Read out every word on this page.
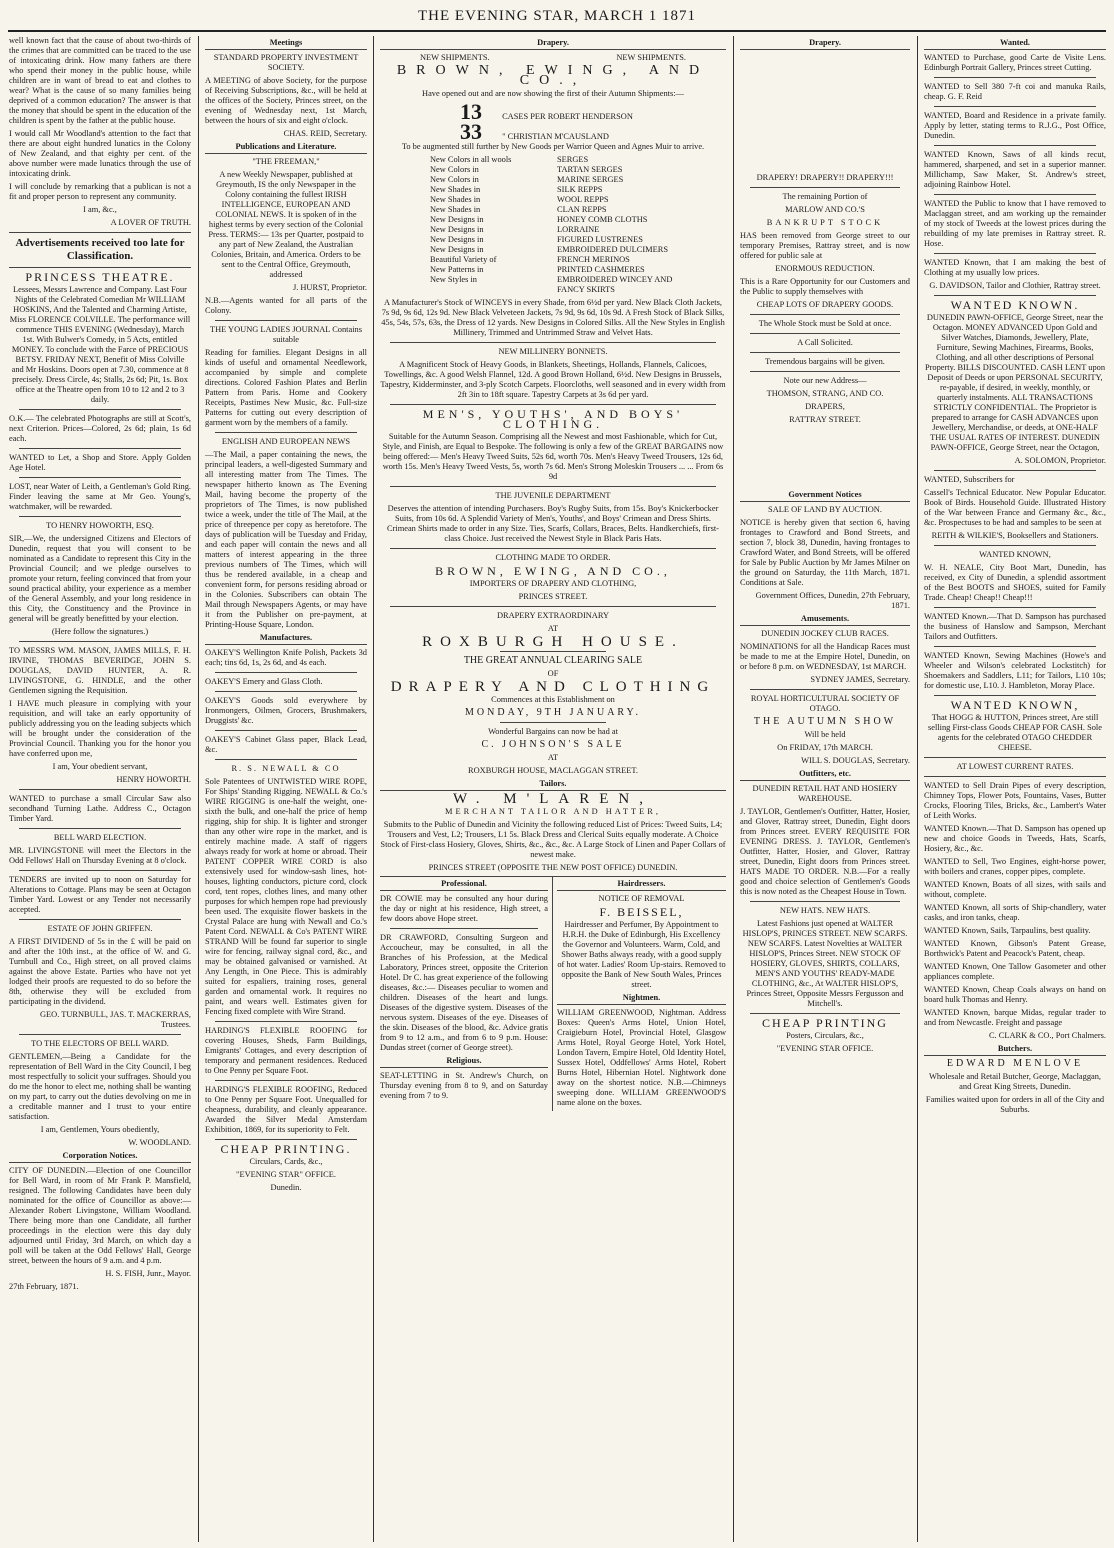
THE EVENING STAR, MARCH 1 1871

well known fact that the cause of about two-thirds of the crimes that are committed can be traced to the use of intoxicating drink. How many fathers are there who spend their money in the public house, while children are in want of bread to eat and clothes to wear? What is the cause of so many families being deprived of a common education? The answer is that the money that should be spent in the education of the children is spent by the father at the public house.

I would call Mr Woodland's attention to the fact that there are about eight hundred lunatics in the Colony of New Zealand, and that eighty per cent. of the above number were made lunatics through the use of intoxicating drink.

I will conclude by remarking that a publican is not a fit and proper person to represent any community.

I am, &c.,

A LOVER OF TRUTH.

Advertisements received too late for Classification.

PRINCESS THEATRE.

Lessees, Messrs Lawrence and Company. Last Four Nights of the Celebrated Comedian Mr WILLIAM HOSKINS, And the Talented and Charming Artiste, Miss FLORENCE COLVILLE. The performance will commence THIS EVENING (Wednesday), March 1st. With Bulwer's Comedy, in 5 Acts, entitled MONEY. To conclude with the Farce of PRECIOUS BETSY. FRIDAY NEXT, Benefit of Miss Colville and Mr Hoskins. Doors open at 7.30, commence at 8 precisely. Dress Circle, 4s; Stalls, 2s 6d; Pit, 1s. Box office at the Theatre open from 10 to 12 and 2 to 3 daily.

O.K.— The celebrated Photographs are still at Scott's, next Criterion. Prices—Colored, 2s 6d; plain, 1s 6d each.

WANTED to Let, a Shop and Store. Apply Golden Age Hotel.

LOST, near Water of Leith, a Gentleman's Gold Ring. Finder leaving the same at Mr Geo. Young's, watchmaker, will be rewarded.

TO HENRY HOWORTH, ESQ.

SIR,—We, the undersigned Citizens and Electors of Dunedin, request that you will consent to be nominated as a Candidate to represent this City in the Provincial Council; and we pledge ourselves to promote your return, feeling convinced that from your sound practical ability, your experience as a member of the General Assembly, and your long residence in this City, the Constituency and the Province in general will be greatly benefitted by your election.

(Here follow the signatures.)

TO MESSRS WM. MASON, JAMES MILLS, F. H. IRVINE, THOMAS BEVERIDGE, JOHN S. DOUGLAS, DAVID HUNTER, A. R. LIVINGSTONE, G. HINDLE, and the other Gentlemen signing the Requisition.

I HAVE much pleasure in complying with your requisition, and will take an early opportunity of publicly addressing you on the leading subjects which will be brought under the consideration of the Provincial Council. Thanking you for the honor you have conferred upon me,

I am, Your obedient servant,

HENRY HOWORTH.

WANTED to purchase a small Circular Saw also secondhand Turning Lathe. Address C., Octagon Timber Yard.

BELL WARD ELECTION.

MR. LIVINGSTONE will meet the Electors in the Odd Fellows' Hall on Thursday Evening at 8 o'clock.

TENDERS are invited up to noon on Saturday for Alterations to Cottage. Plans may be seen at Octagon Timber Yard. Lowest or any Tender not necessarily accepted.

ESTATE OF JOHN GRIFFEN.

A FIRST DIVIDEND of 5s in the £ will be paid on and after the 10th inst., at the office of W. and G. Turnbull and Co., High street, on all proved claims against the above Estate. Parties who have not yet lodged their proofs are requested to do so before the 8th, otherwise they will be excluded from participating in the dividend.

GEO. TURNBULL, JAS. T. MACKERRAS, Trustees.

TO THE ELECTORS OF BELL WARD.

GENTLEMEN,—Being a Candidate for the representation of Bell Ward in the City Council, I beg most respectfully to solicit your suffrages. Should you do me the honor to elect me, nothing shall be wanting on my part, to carry out the duties devolving on me in a creditable manner and I trust to your entire satisfaction.

I am, Gentlemen, Yours obediently,

W. WOODLAND.

Corporation Notices.

CITY OF DUNEDIN.—Election of one Councillor for Bell Ward, in room of Mr Frank P. Mansfield, resigned. The following Candidates have been duly nominated for the office of Councillor as above:— Alexander Robert Livingstone, William Woodland. There being more than one Candidate, all further proceedings in the election were this day duly adjourned until Friday, 3rd March, on which day a poll will be taken at the Odd Fellows' Hall, George street, between the hours of 9 a.m. and 4 p.m.

H. S. FISH, Junr., Mayor.

27th February, 1871.

Meetings

STANDARD PROPERTY INVESTMENT SOCIETY.

A MEETING of above Society, for the purpose of Receiving Subscriptions, &c., will be held at the offices of the Society, Princes street, on the evening of Wednesday next, 1st March, between the hours of six and eight o'clock.

CHAS. REID, Secretary.

Publications and Literature.

"THE FREEMAN,"

A new Weekly Newspaper, published at Greymouth, IS the only Newspaper in the Colony containing the fullest IRISH INTELLIGENCE, EUROPEAN AND COLONIAL NEWS. It is spoken of in the highest terms by every section of the Colonial Press. TERMS:— 13s per Quarter, postpaid to any part of New Zealand, the Australian Colonies, Britain, and America. Orders to be sent to the Central Office, Greymouth, addressed

J. HURST, Proprietor.

N.B.—Agents wanted for all parts of the Colony.

THE YOUNG LADIES JOURNAL Contains suitable

Reading for families. Elegant Designs in all kinds of useful and ornamental Needlework, accompanied by simple and complete directions. Colored Fashion Plates and Berlin Pattern from Paris. Home and Cookery Receipts, Pastimes New Music, &c. Full-size Patterns for cutting out every description of garment worn by the members of a family.

ENGLISH AND EUROPEAN NEWS

—The Mail, a paper containing the news, the principal leaders, a well-digested Summary and all interesting matter from The Times. The newspaper hitherto known as The Evening Mail, having become the property of the proprietors of The Times, is now published twice a week, under the title of The Mail, at the price of threepence per copy as heretofore. The days of publication will be Tuesday and Friday, and each paper will contain the news and all matters of interest appearing in the three previous numbers of The Times, which will thus be rendered available, in a cheap and convenient form, for persons residing abroad or in the Colonies. Subscribers can obtain The Mail through Newspapers Agents, or may have it from the Publisher on pre-payment, at Printing-House Square, London.

Manufactures.

OAKEY'S Wellington Knife Polish, Packets 3d each; tins 6d, 1s, 2s 6d, and 4s each.

OAKEY'S Emery and Glass Cloth.

OAKEY'S Goods sold everywhere by Ironmongers, Oilmen, Grocers, Brushmakers, Druggists' &c.

OAKEY'S Cabinet Glass paper, Black Lead, &c.

R. S. NEWALL & CO

Sole Patentees of UNTWISTED WIRE ROPE, For Ships' Standing Rigging. NEWALL & Co.'s WIRE RIGGING is one-half the weight, one-sixth the bulk, and one-half the price of hemp rigging, ship for ship. It is lighter and stronger than any other wire rope in the market, and is entirely machine made. A staff of riggers always ready for work at home or abroad. Their PATENT COPPER WIRE CORD is also extensively used for window-sash lines, hot-houses, lighting conductors, picture cord, clock cord, tent ropes, clothes lines, and many other purposes for which hempen rope had previously been used. The exquisite flower baskets in the Crystal Palace are hung with Newall and Co.'s Patent Cord. NEWALL & Co's PATENT WIRE STRAND Will be found far superior to single wire for fencing, railway signal cord, &c., and may be obtained galvanised or varnished. At Any Length, in One Piece. This is admirably suited for espaliers, training roses, general garden and ornamental work. It requires no paint, and wears well. Estimates given for Fencing fixed complete with Wire Strand.

HARDING'S FLEXIBLE ROOFING for covering Houses, Sheds, Farm Buildings, Emigrants' Cottages, and every description of temporary and permanent residences. Reduced to One Penny per Square Foot.

HARDING'S FLEXIBLE ROOFING, Reduced to One Penny per Square Foot. Unequalled for cheapness, durability, and cleanly appearance. Awarded the Silver Medal Amsterdam Exhibition, 1869, for its superiority to Felt.

CHEAP PRINTING.

Circulars, Cards, &c.,

"EVENING STAR" OFFICE.

Dunedin.

Drapery.
NEW SHIPMENTS.	NEW SHIPMENTS.

BROWN, EWING, AND CO.,

Have opened out and are now showing the first of their Autumn Shipments:—

13 CASES PER ROBERT HENDERSON
33 " CHRISTIAN M'CAUSLAND

To be augmented still further by New Goods per Warrior Queen and Agnes Muir to arrive.

New Colors in all wools	SERGES
New Colors in	TARTAN SERGES
New Colors in	MARINE SERGES
New Shades in	SILK REPPS
New Shades in	WOOL REPPS
New Shades in	CLAN REPPS
New Designs in	HONEY COMB CLOTHS
New Designs in	LORRAINE
New Designs in	FIGURED LUSTRENES
New Designs in	EMBROIDERED DULCIMERS
Beautiful Variety of	FRENCH MERINOS
New Patterns in	PRINTED CASHMERES
New Styles in	EMBROIDERED WINCEY AND FANCY SKIRTS

A Manufacturer's Stock of WINCEYS in every Shade, from 6½d per yard. New Black Cloth Jackets, 7s 9d, 9s 6d, 12s 9d. New Black Velveteen Jackets, 7s 9d, 9s 6d, 10s 9d. A Fresh Stock of Black Silks, 45s, 54s, 57s, 63s, the Dress of 12 yards. New Designs in Colored Silks. All the New Styles in English Millinery, Trimmed and Untrimmed Straw and Velvet Hats.

NEW MILLINERY BONNETS.

A Magnificent Stock of Heavy Goods, in Blankets, Sheetings, Hollands, Flannels, Calicoes, Towellings, &c. A good Welsh Flannel, 12d. A good Brown Holland, 6½d. New Designs in Brussels, Tapestry, Kidderminster, and 3-ply Scotch Carpets. Floorcloths, well seasoned and in every width from 2ft 3in to 18ft square. Tapestry Carpets at 3s 6d per yard.

MEN'S, YOUTHS', AND BOYS' CLOTHING.

Suitable for the Autumn Season. Comprising all the Newest and most Fashionable, which for Cut, Style, and Finish, are Equal to Bespoke. The following is only a few of the GREAT BARGAINS now being offered:— Men's Heavy Tweed Suits, 52s 6d, worth 70s. Men's Heavy Tweed Trousers, 12s 6d, worth 15s. Men's Heavy Tweed Vests, 5s, worth 7s 6d. Men's Strong Moleskin Trousers ... ... From 6s 9d

THE JUVENILE DEPARTMENT

Deserves the attention of intending Purchasers. Boy's Rugby Suits, from 15s. Boy's Knickerbocker Suits, from 10s 6d. A Splendid Variety of Men's, Youths', and Boys' Crimean and Dress Shirts. Crimean Shirts made to order in any Size. Ties, Scarfs, Collars, Braces, Belts. Handkerchiefs, first-class Choice. Just received the Newest Style in Black Paris Hats.

CLOTHING MADE TO ORDER.

BROWN, EWING, AND CO.,

IMPORTERS OF DRAPERY AND CLOTHING,

PRINCES STREET.

DRAPERY EXTRAORDINARY

AT

ROXBURGH HOUSE.

THE GREAT ANNUAL CLEARING SALE

OF

DRAPERY AND CLOTHING

Commences at this Establishment on

MONDAY, 9TH JANUARY.

Wonderful Bargains can now be had at

C. JOHNSON'S SALE

AT

ROXBURGH HOUSE, MACLAGGAN STREET.

Tailors.

W. M'LAREN,

MERCHANT TAILOR AND HATTER,

Submits to the Public of Dunedin and Vicinity the following reduced List of Prices: Tweed Suits, L4; Trousers and Vest, L2; Trousers, L1 5s. Black Dress and Clerical Suits equally moderate. A Choice Stock of First-class Hosiery, Gloves, Shirts, &c., &c., &c. A Large Stock of Linen and Paper Collars of newest make.

PRINCES STREET (OPPOSITE THE NEW POST OFFICE) DUNEDIN.

Professional.

DR COWIE may be consulted any hour during the day or night at his residence, High street, a few doors above Hope street.

DR CRAWFORD, Consulting Surgeon and Accoucheur, may be consulted, in all the Branches of his Profession, at the Medical Laboratory, Princes street, opposite the Criterion Hotel. Dr C. has great experience of the following diseases, &c.:— Diseases peculiar to women and children. Diseases of the heart and lungs. Diseases of the digestive system. Diseases of the nervous system. Diseases of the eye. Diseases of the skin. Diseases of the blood, &c. Advice gratis from 9 to 12 a.m., and from 6 to 9 p.m. House: Dundas street (corner of George street).

Religious.

SEAT-LETTING in St. Andrew's Church, on Thursday evening from 8 to 9, and on Saturday evening from 7 to 9.

Hairdressers.

NOTICE OF REMOVAL

F. BEISSEL,

Hairdresser and Perfumer, By Appointment to H.R.H. the Duke of Edinburgh, His Excellency the Governor and Volunteers. Warm, Cold, and Shower Baths always ready, with a good supply of hot water. Ladies' Room Up-stairs. Removed to opposite the Bank of New South Wales, Princes street.

Nightmen.

WILLIAM GREENWOOD, Nightman. Address Boxes: Queen's Arms Hotel, Union Hotel, Craigieburn Hotel, Provincial Hotel, Glasgow Arms Hotel, Royal George Hotel, York Hotel, London Tavern, Empire Hotel, Old Identity Hotel, Sussex Hotel, Oddfellows' Arms Hotel, Robert Burns Hotel, Hibernian Hotel. Nightwork done away on the shortest notice. N.B.—Chimneys sweeping done. WILLIAM GREENWOOD'S name alone on the boxes.

Drapery.

DRAPERY! DRAPERY!! DRAPERY!!!

The remaining Portion of

MARLOW AND CO.'S

BANKRUPT STOCK

HAS been removed from George street to our temporary Premises, Rattray street, and is now offered for public sale at

ENORMOUS REDUCTION.

This is a Rare Opportunity for our Customers and the Public to supply themselves with

CHEAP LOTS OF DRAPERY GOODS.

The Whole Stock must be Sold at once.

A Call Solicited.

Tremendous bargains will be given.

Note our new Address—

THOMSON, STRANG, AND CO.

DRAPERS,

RATTRAY STREET.

Government Notices

SALE OF LAND BY AUCTION.

NOTICE is hereby given that section 6, having frontages to Crawford and Bond Streets, and section 7, block 38, Dunedin, having frontages to Crawford Water, and Bond Streets, will be offered for Sale by Public Auction by Mr James Milner on the ground on Saturday, the 11th March, 1871. Conditions at Sale.

Government Offices, Dunedin, 27th February, 1871.

Amusements.

DUNEDIN JOCKEY CLUB RACES.

NOMINATIONS for all the Handicap Races must be made to me at the Empire Hotel, Dunedin, on or before 8 p.m. on WEDNESDAY, 1st MARCH.

SYDNEY JAMES, Secretary.

ROYAL HORTICULTURAL SOCIETY OF OTAGO.

THE AUTUMN SHOW

Will be held

On FRIDAY, 17th MARCH.

WILL S. DOUGLAS, Secretary.

Outfitters, etc.

DUNEDIN RETAIL HAT AND HOSIERY WAREHOUSE.

J. TAYLOR, Gentlemen's Outfitter, Hatter, Hosier, and Glover, Rattray street, Dunedin, Eight doors from Princes street. EVERY REQUISITE FOR EVENING DRESS. J. TAYLOR, Gentlemen's Outfitter, Hatter, Hosier, and Glover, Rattray street, Dunedin, Eight doors from Princes street. HATS MADE TO ORDER. N.B.—For a really good and choice selection of Gentlemen's Goods this is now noted as the Cheapest House in Town.

NEW HATS. NEW HATS.

Latest Fashions just opened at WALTER HISLOP'S, PRINCES STREET. NEW SCARFS. NEW SCARFS. Latest Novelties at WALTER HISLOP'S, Princes Street. NEW STOCK OF HOSIERY, GLOVES, SHIRTS, COLLARS, MEN'S AND YOUTHS' READY-MADE CLOTHING, &c., At WALTER HISLOP'S, Princes Street, Opposite Messrs Fergusson and Mitchell's.

CHEAP PRINTING

Posters, Circulars, &c.,

"EVENING STAR OFFICE.

Wanted.

WANTED to Purchase, good Carte de Visite Lens. Edinburgh Portrait Gallery, Princes street Cutting.

WANTED to Sell 380 7-ft coi and manuka Rails, cheap. G. F. Reid

WANTED, Board and Residence in a private family. Apply by letter, stating terms to R.J.G., Post Office, Dunedin.

WANTED Known, Saws of all kinds recut, hammered, sharpened, and set in a superior manner. Millichamp, Saw Maker, St. Andrew's street, adjoining Rainbow Hotel.

WANTED the Public to know that I have removed to Maclaggan street, and am working up the remainder of my stock of Tweeds at the lowest prices during the rebuilding of my late premises in Rattray street. R. Hose.

WANTED Known, that I am making the best of Clothing at my usually low prices.

G. DAVIDSON, Tailor and Clothier, Rattray street.

WANTED KNOWN.

DUNEDIN PAWN-OFFICE, George Street, near the Octagon. MONEY ADVANCED Upon Gold and Silver Watches, Diamonds, Jewellery, Plate, Furniture, Sewing Machines, Firearms, Books, Clothing, and all other descriptions of Personal Property. BILLS DISCOUNTED. CASH LENT upon Deposit of Deeds or upon PERSONAL SECURITY, re-payable, if desired, in weekly, monthly, or quarterly instalments. ALL TRANSACTIONS STRICTLY CONFIDENTIAL. The Proprietor is prepared to arrange for CASH ADVANCES upon Jewellery, Merchandise, or deeds, at ONE-HALF THE USUAL RATES OF INTEREST. DUNEDIN PAWN-OFFICE, George Street, near the Octagon,

A. SOLOMON, Proprietor.

WANTED, Subscribers for

Cassell's Technical Educator. New Popular Educator. Book of Birds. Household Guide. Illustrated History of the War between France and Germany &c., &c., &c. Prospectuses to be had and samples to be seen at

REITH & WILKIE'S, Booksellers and Stationers.

WANTED KNOWN,

W. H. NEALE, City Boot Mart, Dunedin, has received, ex City of Dunedin, a splendid assortment of the Best BOOTS and SHOES, suited for Family Trade. Cheap! Cheap!! Cheap!!!

WANTED Known.—That D. Sampson has purchased the business of Hanslow and Sampson, Merchant Tailors and Outfitters.

WANTED Known, Sewing Machines (Howe's and Wheeler and Wilson's celebrated Lockstitch) for Shoemakers and Saddlers, L11; for Tailors, L10 10s; for domestic use, L10. J. Hambleton, Moray Place.

WANTED KNOWN,

That HOGG & HUTTON, Princes street, Are still selling First-class Goods CHEAP FOR CASH. Sole agents for the celebrated OTAGO CHEDDER CHEESE.

AT LOWEST CURRENT RATES.

WANTED to Sell Drain Pipes of every description, Chimney Tops, Flower Pots, Fountains, Vases, Butter Crocks, Flooring Tiles, Bricks, &c., Lambert's Water of Leith Works.

WANTED Known.—That D. Sampson has opened up new and choice Goods in Tweeds, Hats, Scarfs, Hosiery, &c., &c.

WANTED to Sell, Two Engines, eight-horse power, with boilers and cranes, copper pipes, complete.

WANTED Known, Boats of all sizes, with sails and without, complete.

WANTED Known, all sorts of Ship-chandlery, water casks, and iron tanks, cheap.

WANTED Known, Sails, Tarpaulins, best quality.

WANTED Known, Gibson's Patent Grease, Borthwick's Patent and Peacock's Patent, cheap.

WANTED Known, One Tallow Gasometer and other appliances complete.

WANTED Known, Cheap Coals always on hand on board hulk Thomas and Henry.

WANTED Known, barque Midas, regular trader to and from Newcastle. Freight and passage

C. CLARK & CO., Port Chalmers.

Butchers.

EDWARD MENLOVE

Wholesale and Retail Butcher, George, Maclaggan, and Great King Streets, Dunedin.

Families waited upon for orders in all of the City and Suburbs.
